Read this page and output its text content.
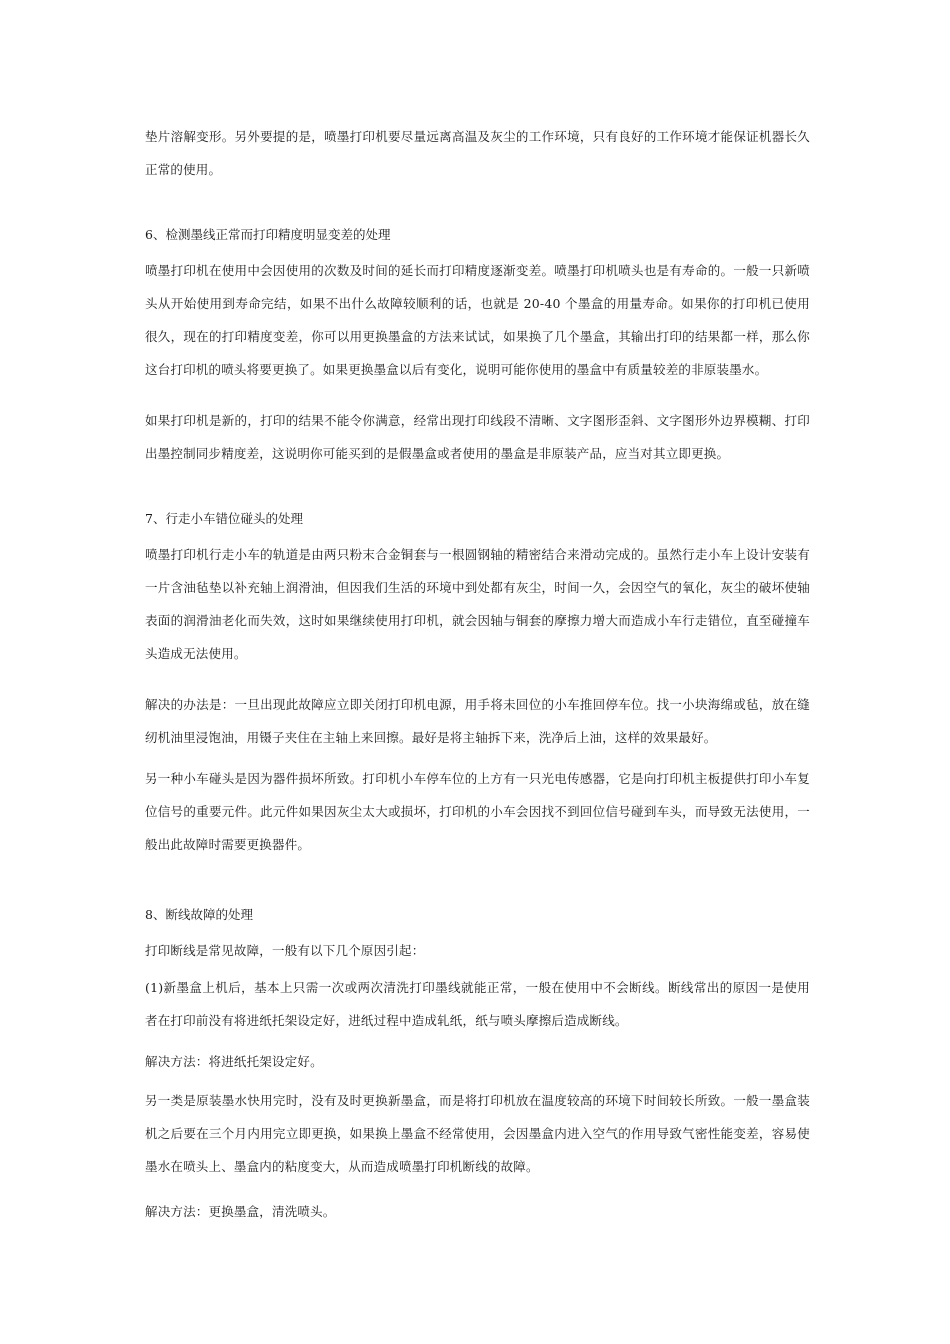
垫片溶解变形。另外要提的是，喷墨打印机要尽量远离高温及灰尘的工作环境，只有良好的工作环境才能保证机器长久正常的使用。

6、检测墨线正常而打印精度明显变差的处理

喷墨打印机在使用中会因使用的次数及时间的延长而打印精度逐渐变差。喷墨打印机喷头也是有寿命的。一般一只新喷头从开始使用到寿命完结，如果不出什么故障较顺利的话，也就是 20-40 个墨盒的用量寿命。如果你的打印机已使用很久，现在的打印精度变差，你可以用更换墨盒的方法来试试，如果换了几个墨盒，其输出打印的结果都一样，那么你这台打印机的喷头将要更换了。如果更换墨盒以后有变化，说明可能你使用的墨盒中有质量较差的非原装墨水。

如果打印机是新的，打印的结果不能令你满意，经常出现打印线段不清晰、文字图形歪斜、文字图形外边界模糊、打印出墨控制同步精度差，这说明你可能买到的是假墨盒或者使用的墨盒是非原装产品，应当对其立即更换。

7、行走小车错位碰头的处理

喷墨打印机行走小车的轨道是由两只粉末合金铜套与一根圆钢轴的精密结合来滑动完成的。虽然行走小车上设计安装有一片含油毡垫以补充轴上润滑油，但因我们生活的环境中到处都有灰尘，时间一久，会因空气的氧化，灰尘的破坏使轴表面的润滑油老化而失效，这时如果继续使用打印机，就会因轴与铜套的摩擦力增大而造成小车行走错位，直至碰撞车头造成无法使用。

解决的办法是：一旦出现此故障应立即关闭打印机电源，用手将未回位的小车推回停车位。找一小块海绵或毡，放在缝纫机油里浸饱油，用镊子夹住在主轴上来回擦。最好是将主轴拆下来，洗净后上油，这样的效果最好。

另一种小车碰头是因为器件损坏所致。打印机小车停车位的上方有一只光电传感器，它是向打印机主板提供打印小车复位信号的重要元件。此元件如果因灰尘太大或损坏，打印机的小车会因找不到回位信号碰到车头，而导致无法使用，一般出此故障时需要更换器件。

8、断线故障的处理

打印断线是常见故障，一般有以下几个原因引起：

(1)新墨盒上机后，基本上只需一次或两次清洗打印墨线就能正常，一般在使用中不会断线。断线常出的原因一是使用者在打印前没有将进纸托架设定好，进纸过程中造成轧纸，纸与喷头摩擦后造成断线。

解决方法：将进纸托架设定好。

另一类是原装墨水快用完时，没有及时更换新墨盒，而是将打印机放在温度较高的环境下时间较长所致。一般一墨盒装机之后要在三个月内用完立即更换，如果换上墨盒不经常使用，会因墨盒内进入空气的作用导致气密性能变差，容易使墨水在喷头上、墨盒内的粘度变大，从而造成喷墨打印机断线的故障。

解决方法：更换墨盒，清洗喷头。
